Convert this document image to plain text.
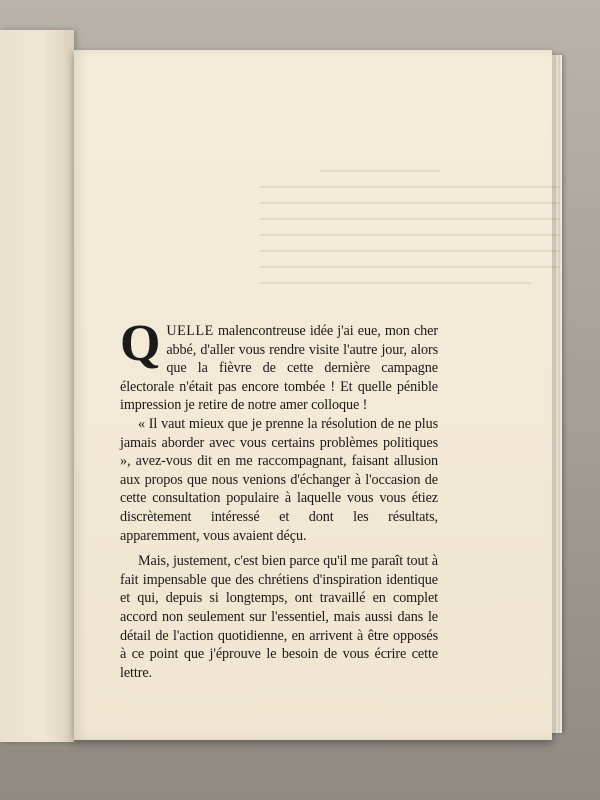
QUELLE malencontreuse idée j'ai eue, mon cher abbé, d'aller vous rendre visite l'autre jour, alors que la fièvre de cette dernière campagne électorale n'était pas encore tombée ! Et quelle pénible impression je retire de notre amer colloque !

« Il vaut mieux que je prenne la résolution de ne plus jamais aborder avec vous certains problèmes politiques », avez-vous dit en me raccompagnant, faisant allusion aux propos que nous venions d'échanger à l'occasion de cette consultation populaire à laquelle vous vous étiez discrètement intéressé et dont les résultats, apparemment, vous avaient déçu.

Mais, justement, c'est bien parce qu'il me paraît tout à fait impensable que des chrétiens d'inspiration identique et qui, depuis si longtemps, ont travaillé en complet accord non seulement sur l'essentiel, mais aussi dans le détail de l'action quotidienne, en arrivent à être opposés à ce point que j'éprouve le besoin de vous écrire cette lettre.
